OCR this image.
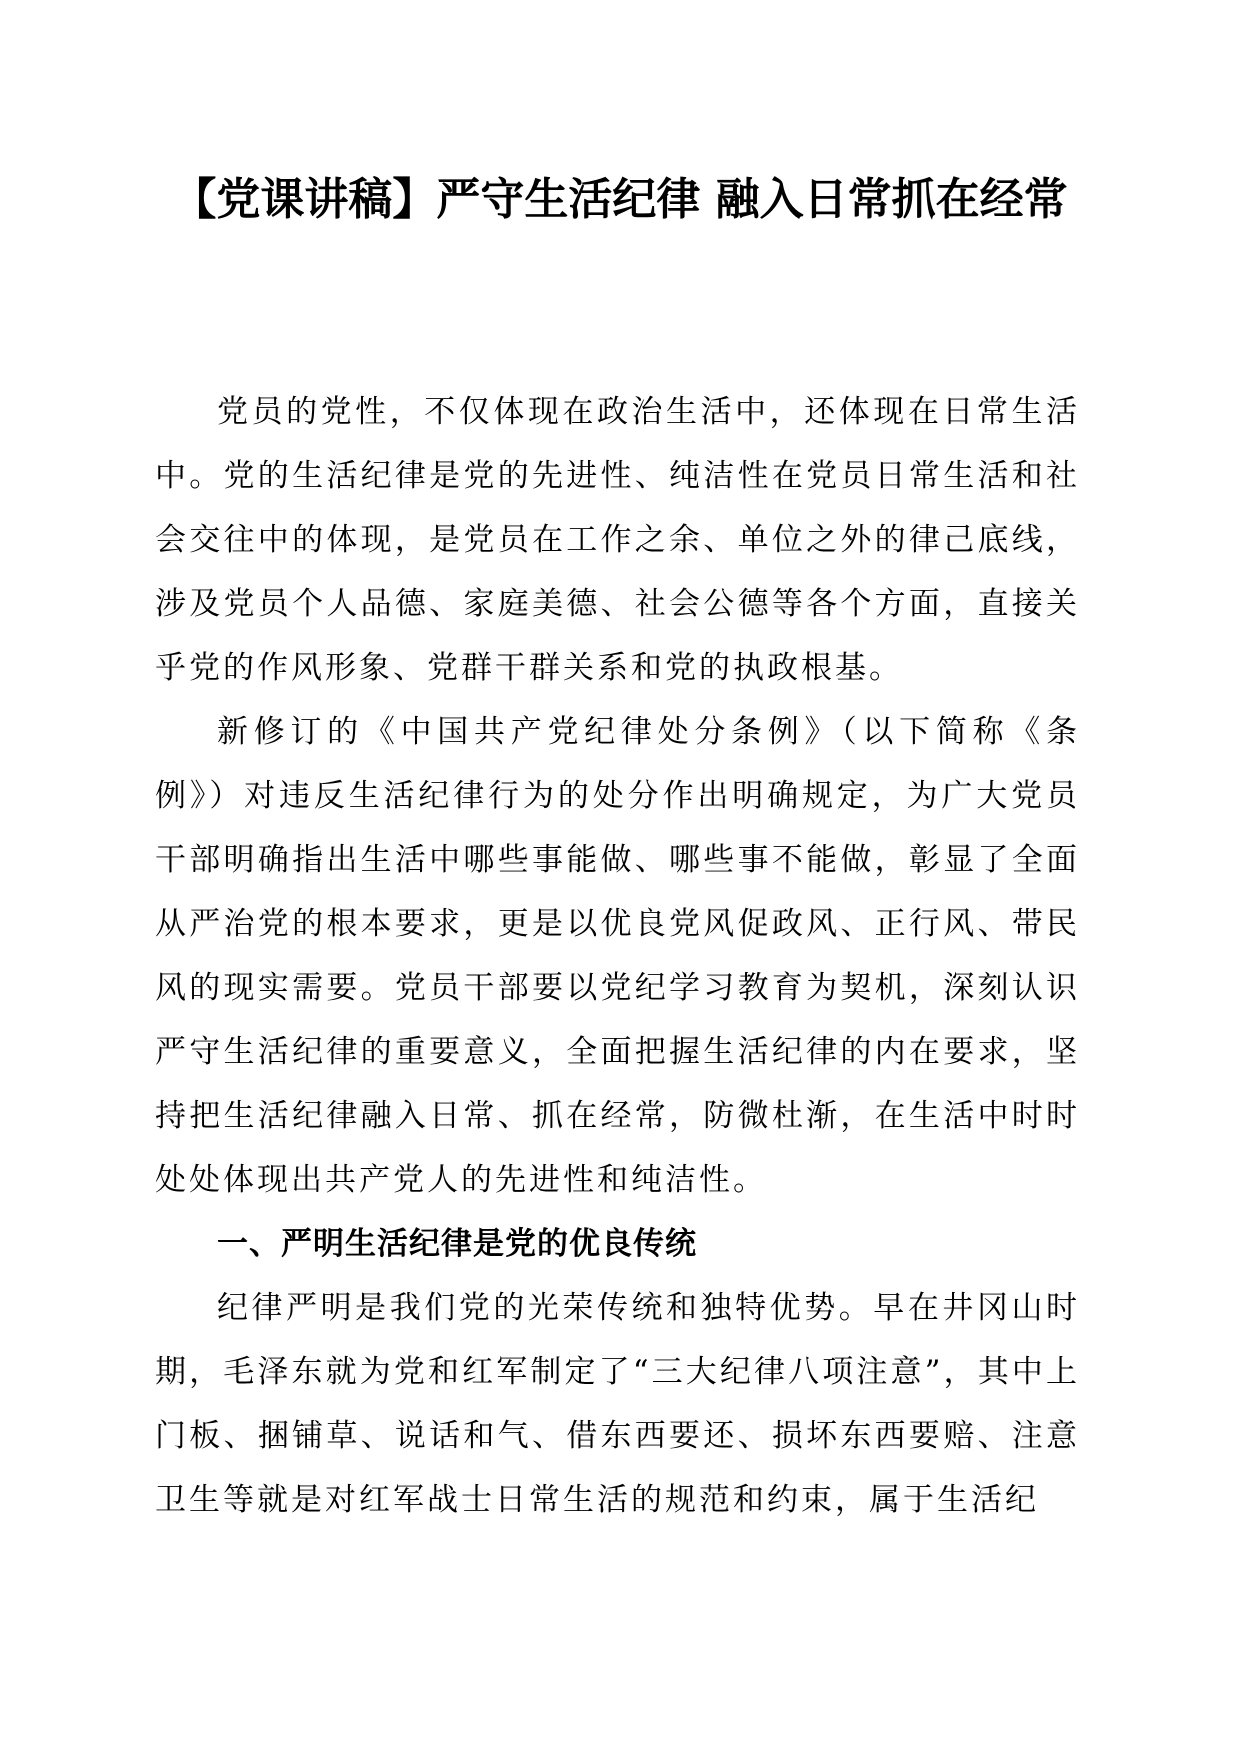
【党课讲稿】严守生活纪律 融入日常抓在经常

党员的党性，不仅体现在政治生活中，还体现在日常生活中。党的生活纪律是党的先进性、纯洁性在党员日常生活和社会交往中的体现，是党员在工作之余、单位之外的律己底线，涉及党员个人品德、家庭美德、社会公德等各个方面，直接关乎党的作风形象、党群干群关系和党的执政根基。

新修订的《中国共产党纪律处分条例》（以下简称《条例》）对违反生活纪律行为的处分作出明确规定，为广大党员干部明确指出生活中哪些事能做、哪些事不能做，彰显了全面从严治党的根本要求，更是以优良党风促政风、正行风、带民风的现实需要。党员干部要以党纪学习教育为契机，深刻认识严守生活纪律的重要意义，全面把握生活纪律的内在要求，坚持把生活纪律融入日常、抓在经常，防微杜渐，在生活中时时处处体现出共产党人的先进性和纯洁性。

一、严明生活纪律是党的优良传统

纪律严明是我们党的光荣传统和独特优势。早在井冈山时期，毛泽东就为党和红军制定了“三大纪律八项注意”，其中上门板、捆铺草、说话和气、借东西要还、损坏东西要赔、注意卫生等就是对红军战士日常生活的规范和约束，属于生活纪
